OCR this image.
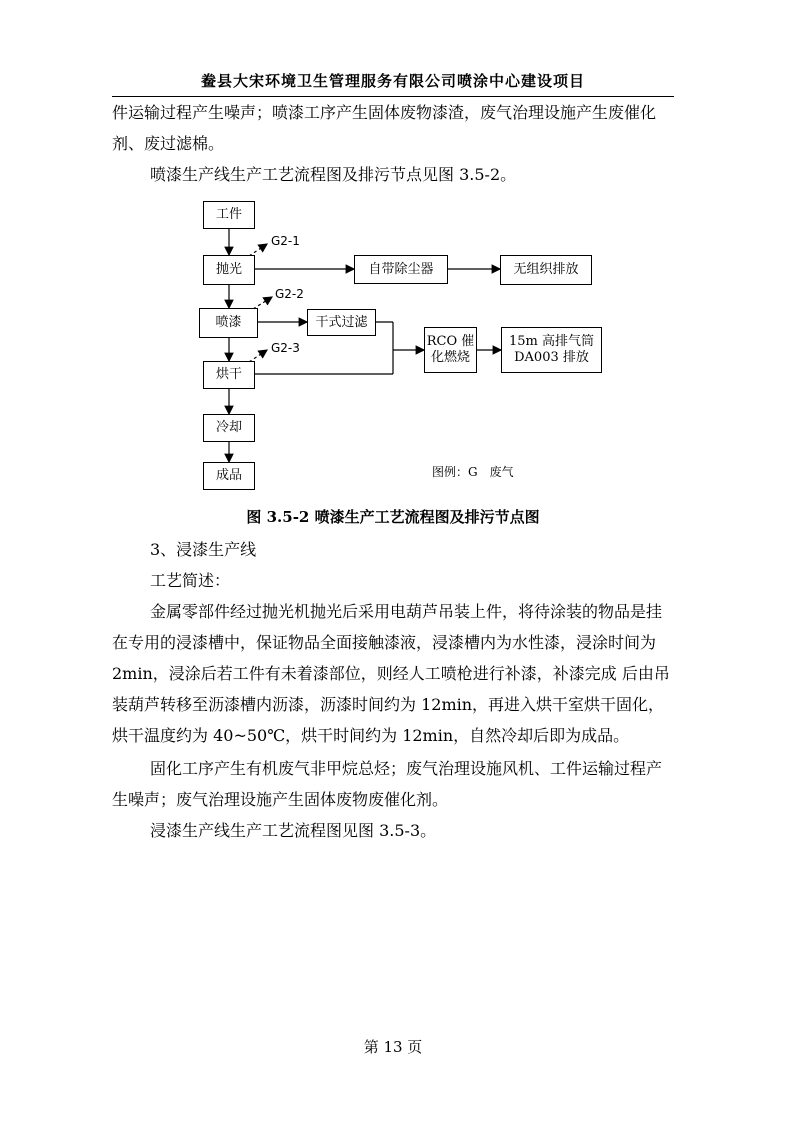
鲞县大宋环境卫生管理服务有限公司喷涂中心建设项目
件运输过程产生噪声；喷漆工序产生固体废物漆渣，废气治理设施产生废催化
剂、废过滤棉。
喷漆生产线生产工艺流程图及排污节点见图 3.5-2。
工件
抛光
喷漆
烘干
冷却
成品
自带除尘器	无组织排放
干式过滤
RCO 催
化燃烧
15m 高排气筒
DA003 排放
G2-1
G2-2
G2-3
图例：G　废气
图 3.5-2 喷漆生产工艺流程图及排污节点图
3、浸漆生产线
工艺简述：
金属零部件经过抛光机抛光后采用电葫芦吊装上件，将待涂装的物品是挂
在专用的浸漆槽中，保证物品全面接触漆液，浸漆槽内为水性漆，浸涂时间为
2min，浸涂后若工件有未着漆部位，则经人工喷枪进行补漆，补漆完成 后由吊
装葫芦转移至沥漆槽内沥漆，沥漆时间约为 12min，再进入烘干室烘干固化，
烘干温度约为 40~50℃，烘干时间约为 12min，自然冷却后即为成品。
固化工序产生有机废气非甲烷总烃；废气治理设施风机、工件运输过程产
生噪声；废气治理设施产生固体废物废催化剂。
浸漆生产线生产工艺流程图见图 3.5-3。
第 13 页
